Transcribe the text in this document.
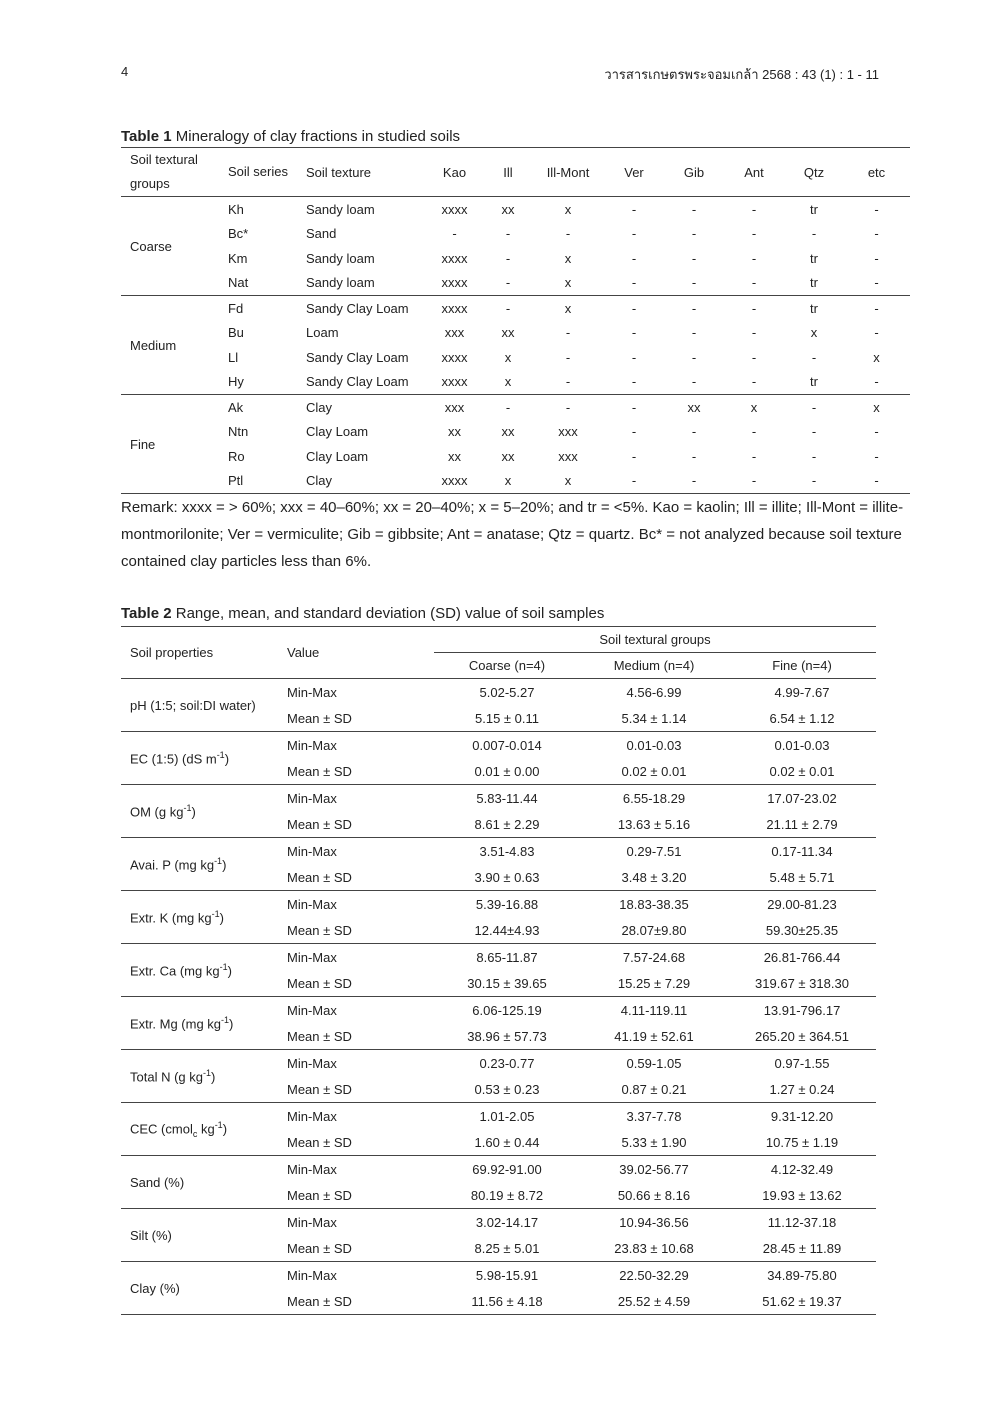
4	วารสารเกษตรพระจอมเกล้า 2568 : 43 (1) : 1 - 11
Table 1 Mineralogy of clay fractions in studied soils
Soil textural groups	Soil series	Soil texture	Kao	Ill	Ill-Mont	Ver	Gib	Ant	Qtz	etc
Coarse	Kh	Sandy loam	xxxx	xx	x	-	-	-	tr	-
	Bc*	Sand	-	-	-	-	-	-	-	-
	Km	Sandy loam	xxxx	-	x	-	-	-	tr	-
	Nat	Sandy loam	xxxx	-	x	-	-	-	tr	-
Medium	Fd	Sandy Clay Loam	xxxx	-	x	-	-	-	tr	-
	Bu	Loam	xxx	xx	-	-	-	-	x	-
	Ll	Sandy Clay Loam	xxxx	x	-	-	-	-	-	x
	Hy	Sandy Clay Loam	xxxx	x	-	-	-	-	tr	-
Fine	Ak	Clay	xxx	-	-	-	xx	x	-	x
	Ntn	Clay Loam	xx	xx	xxx	-	-	-	-	-
	Ro	Clay Loam	xx	xx	xxx	-	-	-	-	-
	Ptl	Clay	xxxx	x	x	-	-	-	-	-
Remark: xxxx = > 60%; xxx = 40–60%; xx = 20–40%; x = 5–20%; and tr = <5%. Kao = kaolin; Ill = illite; Ill-Mont = illite-montmorilonite; Ver = vermiculite; Gib = gibbsite; Ant = anatase; Qtz = quartz. Bc* = not analyzed because soil texture contained clay particles less than 6%.
Table 2 Range, mean, and standard deviation (SD) value of soil samples
Soil properties	Value	Soil textural groups		
		Coarse (n=4)	Medium (n=4)	Fine (n=4)
pH (1:5; soil:DI water)	Min-Max	5.02-5.27	4.56-6.99	4.99-7.67
	Mean ± SD	5.15 ± 0.11	5.34 ± 1.14	6.54 ± 1.12
EC (1:5) (dS $m^{-1}$)	Min-Max	0.007-0.014	0.01-0.03	0.01-0.03
	Mean ± SD	0.01 ± 0.00	0.02 ± 0.01	0.02 ± 0.01
OM (g $kg^{-1}$)	Min-Max	5.83-11.44	6.55-18.29	17.07-23.02
	Mean ± SD	8.61 ± 2.29	13.63 ± 5.16	21.11 ± 2.79
Avai. P (mg $kg^{-1}$)	Min-Max	3.51-4.83	0.29-7.51	0.17-11.34
	Mean ± SD	3.90 ± 0.63	3.48 ± 3.20	5.48 ± 5.71
Extr. K (mg $kg^{-1}$)	Min-Max	5.39-16.88	18.83-38.35	29.00-81.23
	Mean ± SD	12.44±4.93	28.07±9.80	59.30±25.35
Extr. Ca (mg $kg^{-1}$)	Min-Max	8.65-11.87	7.57-24.68	26.81-766.44
	Mean ± SD	30.15 ± 39.65	15.25 ± 7.29	319.67 ± 318.30
Extr. Mg (mg $kg^{-1}$)	Min-Max	6.06-125.19	4.11-119.11	13.91-796.17
	Mean ± SD	38.96 ± 57.73	41.19 ± 52.61	265.20 ± 364.51
Total N (g $kg^{-1}$)	Min-Max	0.23-0.77	0.59-1.05	0.97-1.55
	Mean ± SD	0.53 ± 0.23	0.87 ± 0.21	1.27 ± 0.24
CEC (cmol$_c$ $kg^{-1}$)	Min-Max	1.01-2.05	3.37-7.78	9.31-12.20
	Mean ± SD	1.60 ± 0.44	5.33 ± 1.90	10.75 ± 1.19
Sand (%)	Min-Max	69.92-91.00	39.02-56.77	4.12-32.49
	Mean ± SD	80.19 ± 8.72	50.66 ± 8.16	19.93 ± 13.62
Silt (%)	Min-Max	3.02-14.17	10.94-36.56	11.12-37.18
	Mean ± SD	8.25 ± 5.01	23.83 ± 10.68	28.45 ± 11.89
Clay (%)	Min-Max	5.98-15.91	22.50-32.29	34.89-75.80
	Mean ± SD	11.56 ± 4.18	25.52 ± 4.59	51.62 ± 19.37
